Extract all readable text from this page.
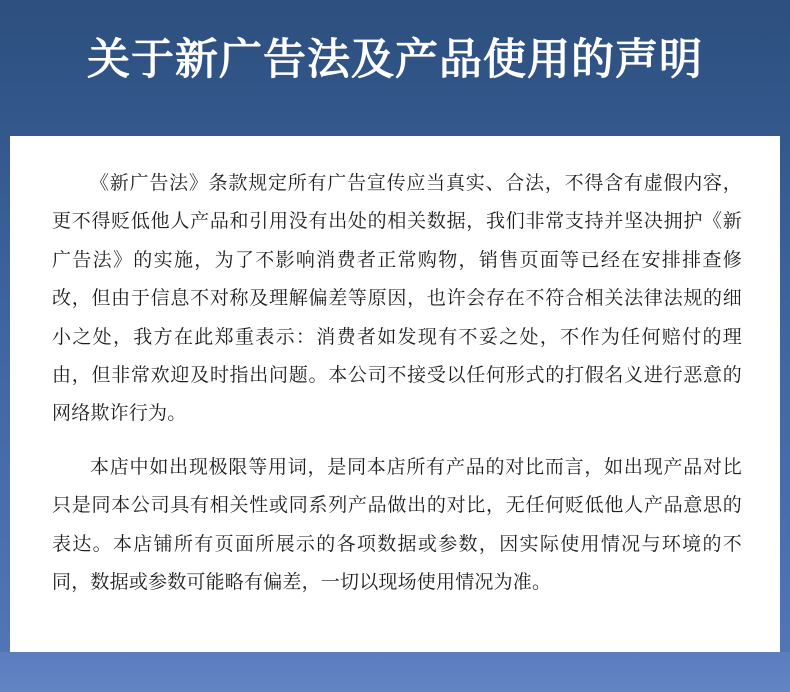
关于新广告法及产品使用的声明

《新广告法》条款规定所有广告宣传应当真实、合法，不得含有虚假内容，更不得贬低他人产品和引用没有出处的相关数据，我们非常支持并坚决拥护《新广告法》的实施，为了不影响消费者正常购物，销售页面等已经在安排排查修改，但由于信息不对称及理解偏差等原因，也许会存在不符合相关法律法规的细小之处，我方在此郑重表示：消费者如发现有不妥之处，不作为任何赔付的理由，但非常欢迎及时指出问题。本公司不接受以任何形式的打假名义进行恶意的网络欺诈行为。

本店中如出现极限等用词，是同本店所有产品的对比而言，如出现产品对比只是同本公司具有相关性或同系列产品做出的对比，无任何贬低他人产品意思的表达。本店铺所有页面所展示的各项数据或参数，因实际使用情况与环境的不同，数据或参数可能略有偏差，一切以现场使用情况为准。
